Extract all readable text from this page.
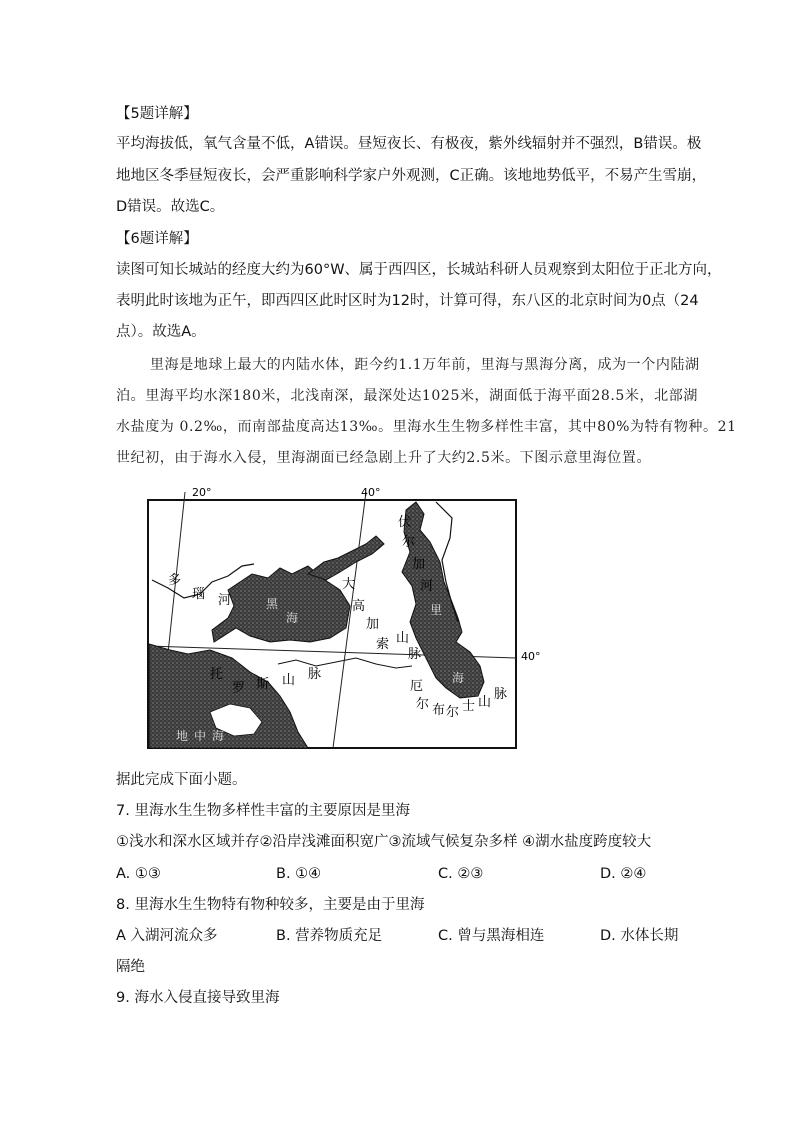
【5题详解】
平均海拔低，氧气含量不低，A错误。昼短夜长、有极夜，紫外线辐射并不强烈，B错误。极
地地区冬季昼短夜长，会严重影响科学家户外观测，C正确。该地地势低平，不易产生雪崩，
D错误。故选C。
【6题详解】
读图可知长城站的经度大约为60°W、属于西四区，长城站科研人员观察到太阳位于正北方向，
表明此时该地为正午，即西四区此时区时为12时，计算可得，东八区的北京时间为0点（24
点）。故选A。
里海是地球上最大的内陆水体，距今约1.1万年前，里海与黑海分离，成为一个内陆湖
泊。里海平均水深180米，北浅南深，最深处达1025米，湖面低于海平面28.5米，北部湖
水盐度为 0.2‰，而南部盐度高达13‰。里海水生生物多样性丰富，其中80%为特有物种。21
世纪初，由于海水入侵，里海湖面已经急剧上升了大约2.5米。下图示意里海位置。
20°	40°
40°
多
瑙 河
伏
尔
加
河
黑
海
里
海
地 中 海
大
高
加
索 山
脉
托
罗 斯 山 脉
厄
尔 布 尔 士 山
脉
据此完成下面小题。
7. 里海水生生物多样性丰富的主要原因是里海
①浅水和深水区域并存②沿岸浅滩面积宽广③流域气候复杂多样 ④湖水盐度跨度较大
A. ①③	B. ①④	C. ②③	D. ②④
8. 里海水生生物特有物种较多，主要是由于里海
A 入湖河流众多	B. 营养物质充足	C. 曾与黑海相连	D. 水体长期
隔绝
9. 海水入侵直接导致里海
